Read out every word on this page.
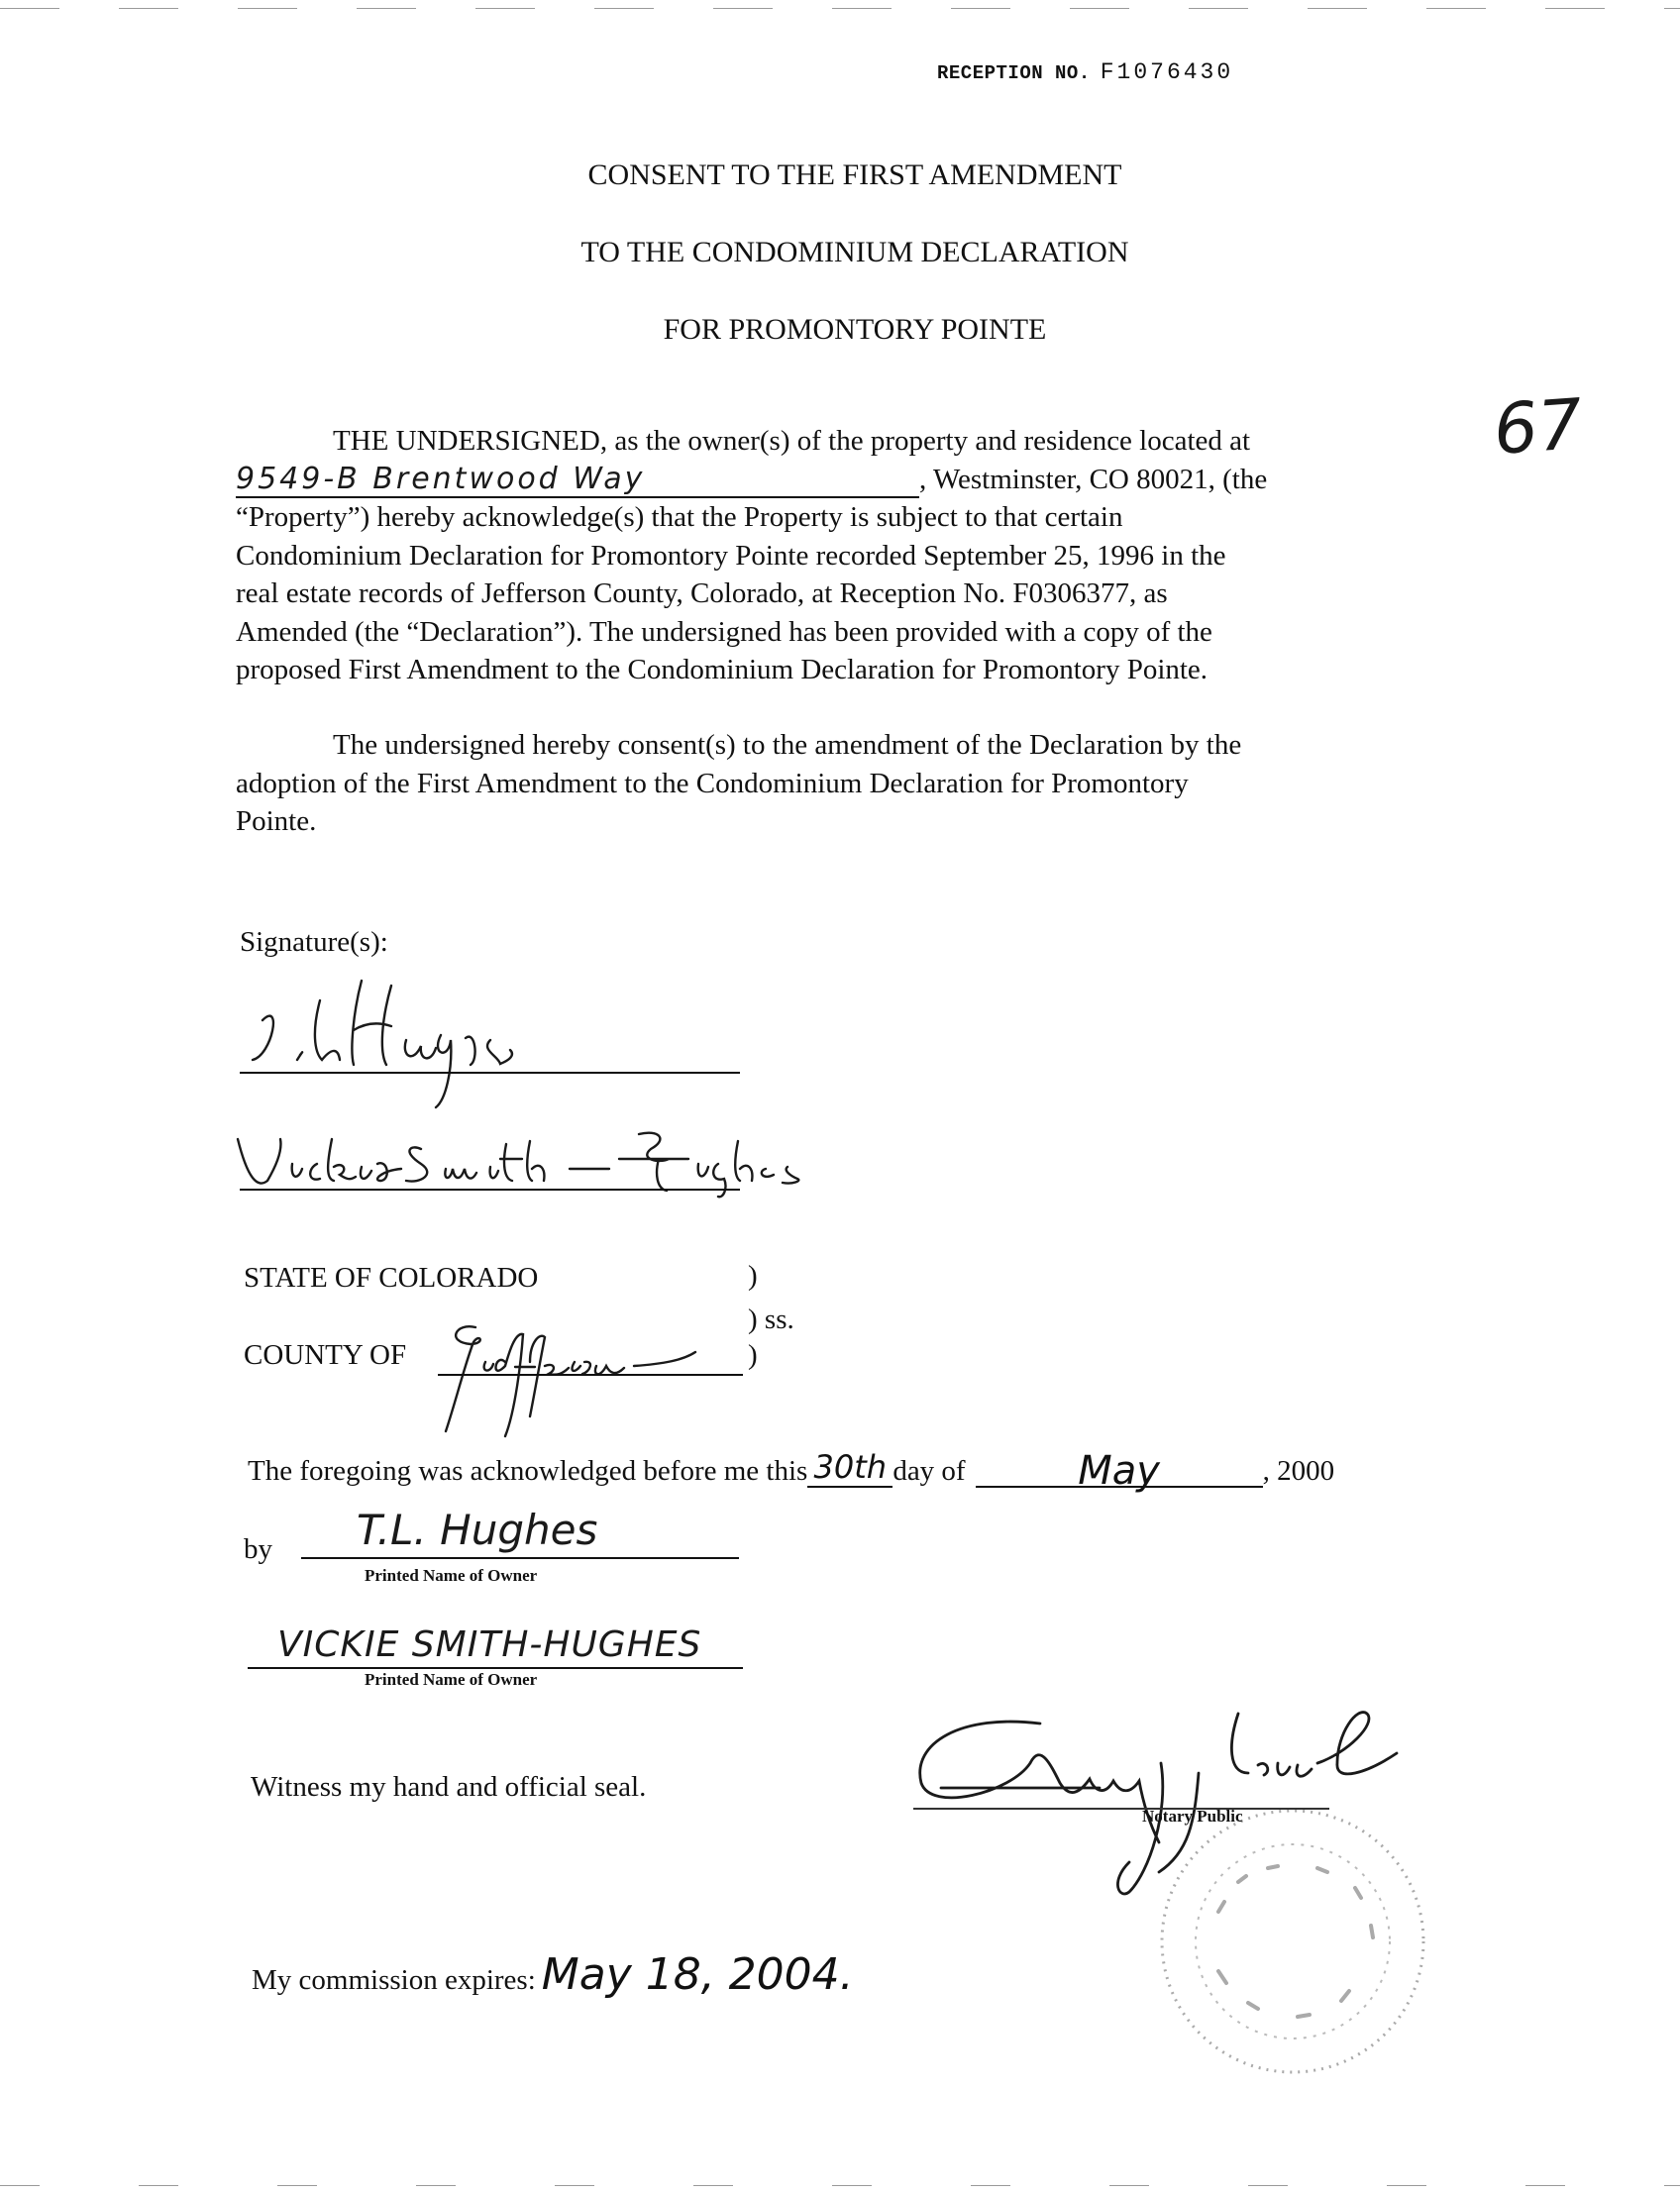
RECEPTION NO. F1076430
67
CONSENT TO THE FIRST AMENDMENT
TO THE CONDOMINIUM DECLARATION
FOR PROMONTORY POINTE
THE UNDERSIGNED, as the owner(s) of the property and residence located at
9549-B Brentwood Way	, Westminster, CO 80021, (the
“Property”) hereby acknowledge(s) that the Property is subject to that certain
Condominium Declaration for Promontory Pointe recorded September 25, 1996 in the
real estate records of Jefferson County, Colorado, at Reception No. F0306377, as
Amended (the “Declaration”). The undersigned has been provided with a copy of the
proposed First Amendment to the Condominium Declaration for Promontory Pointe.
The undersigned hereby consent(s) to the amendment of the Declaration by the
adoption of the First Amendment to the Condominium Declaration for Promontory
Pointe.
Signature(s):
STATE OF COLORADO	)
) ss.
)
COUNTY OF
The foregoing was acknowledged before me this 30th day of	May	, 2000
by T.L. Hughes
Printed Name of Owner
VICKIE SMITH-HUGHES
Printed Name of Owner
Witness my hand and official seal.
Notary Public
My commission expires: May 18, 2004.
